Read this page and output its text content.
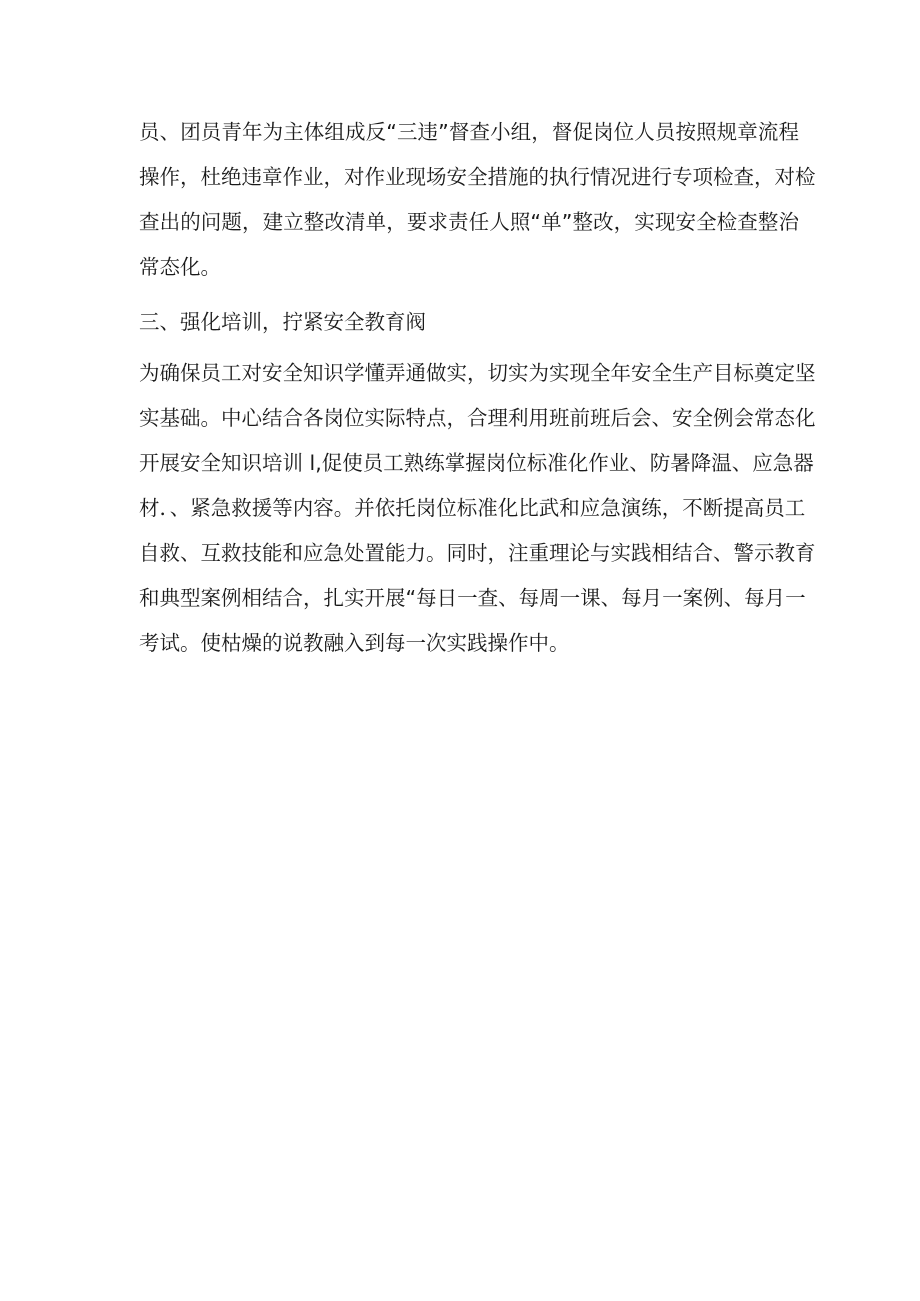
员、团员青年为主体组成反“三违”督查小组，督促岗位人员按照规章流程
操作，杜绝违章作业，对作业现场安全措施的执行情况进行专项检查，对检
查出的问题，建立整改清单，要求责任人照“单”整改，实现安全检查整治
常态化。
三、强化培训，拧紧安全教育阀
为确保员工对安全知识学懂弄通做实，切实为实现全年安全生产目标奠定坚
实基础。中心结合各岗位实际特点，合理利用班前班后会、安全例会常态化
开展安全知识培训 l,促使员工熟练掌握岗位标准化作业、防暑降温、应急器
材．、紧急救援等内容。并依托岗位标准化比武和应急演练，不断提高员工
自救、互救技能和应急处置能力。同时，注重理论与实践相结合、警示教育
和典型案例相结合，扎实开展“每日一查、每周一课、每月一案例、每月一
考试。使枯燥的说教融入到每一次实践操作中。
